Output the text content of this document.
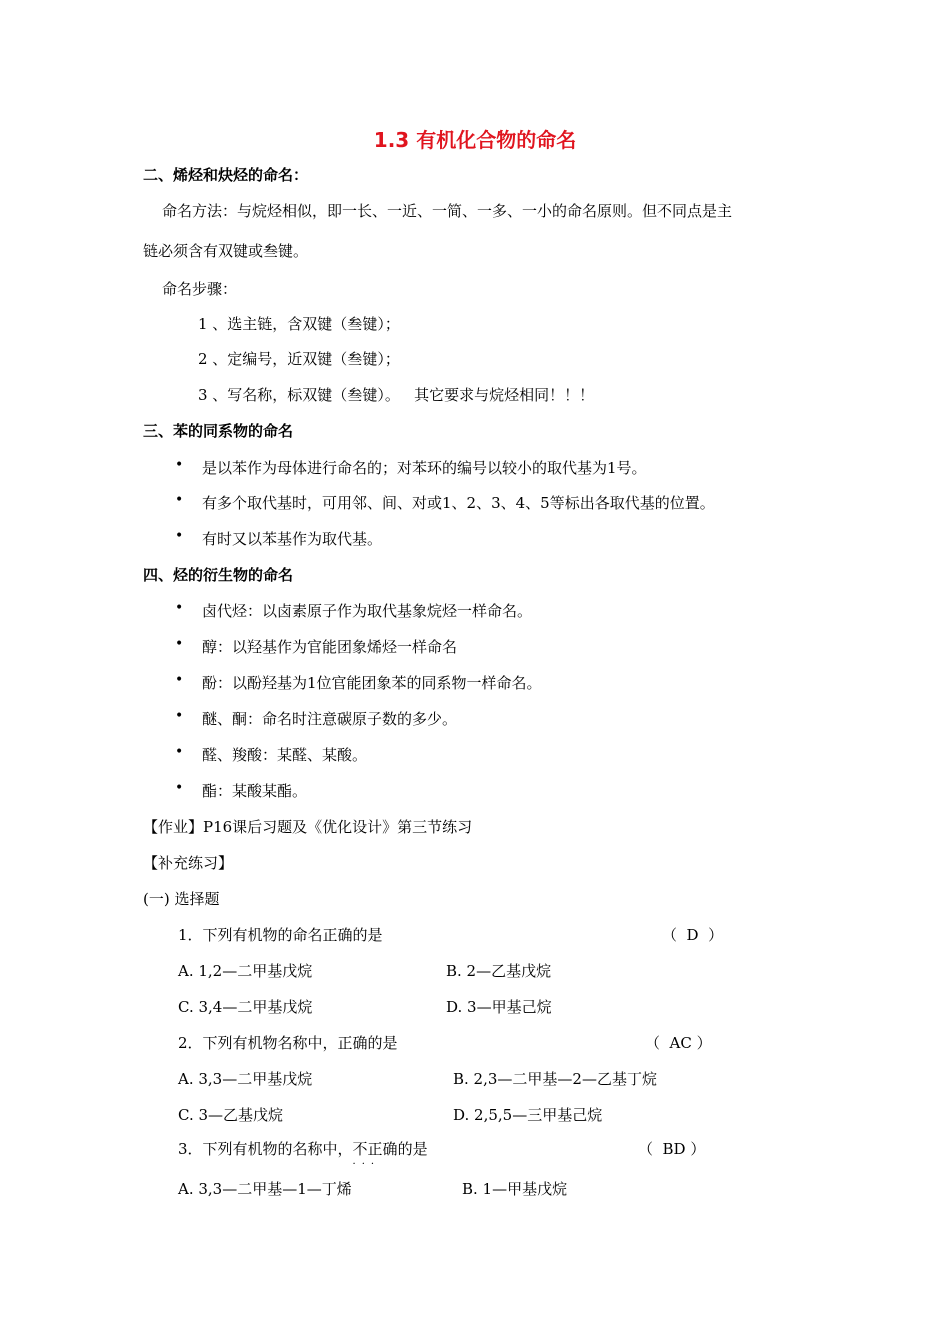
1.3 有机化合物的命名
二、烯烃和炔烃的命名：
命名方法：与烷烃相似，即一长、一近、一简、一多、一小的命名原则。但不同点是主
链必须含有双键或叁键。
命名步骤：
1 、选主链，含双键（叁键）；
2 、定编号，近双键（叁键）；
3 、写名称，标双键（叁键）。   其它要求与烷烃相同！！！
三、苯的同系物的命名
• 是以苯作为母体进行命名的；对苯环的编号以较小的取代基为1号。
• 有多个取代基时，可用邻、间、对或1、2、3、4、5等标出各取代基的位置。
• 有时又以苯基作为取代基。
四、烃的衍生物的命名
• 卤代烃：以卤素原子作为取代基象烷烃一样命名。
• 醇：以羟基作为官能团象烯烃一样命名
• 酚：以酚羟基为1位官能团象苯的同系物一样命名。
• 醚、酮：命名时注意碳原子数的多少。
• 醛、羧酸：某醛、某酸。
• 酯：某酸某酯。
【作业】P16课后习题及《优化设计》第三节练习
【补充练习】
(一) 选择题
1．下列有机物的命名正确的是	（  D  ）
A. 1,2—二甲基戊烷	B. 2—乙基戊烷
C. 3,4—二甲基戊烷	D. 3—甲基己烷
2．下列有机物名称中，正确的是	（  AC ）
A. 3,3—二甲基戊烷	B. 2,3—二甲基—2—乙基丁烷
C. 3—乙基戊烷	D. 2,5,5—三甲基己烷
3．下列有机物的名称中，不正确
···
的是	（  BD ）
A. 3,3—二甲基—1—丁烯	B. 1—甲基戊烷
